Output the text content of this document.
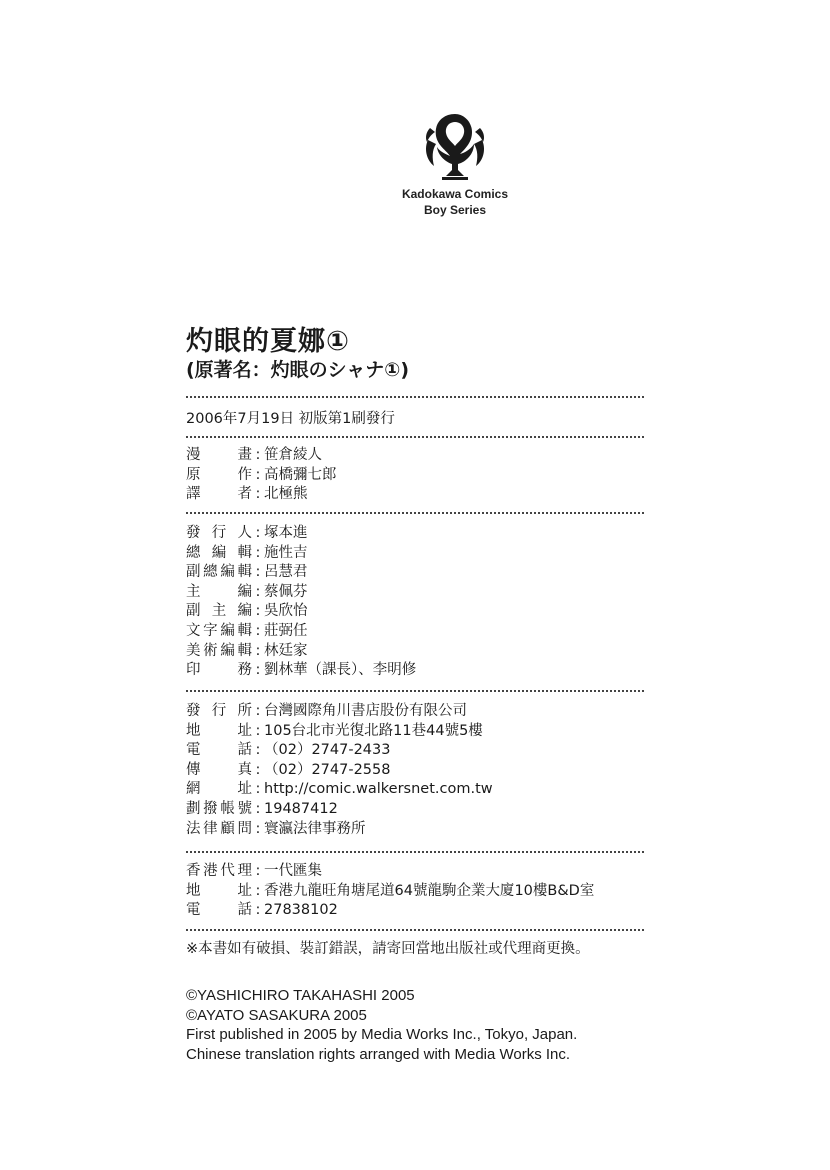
Kadokawa Comics
Boy Series
灼眼的夏娜①
(原著名：灼眼のシャナ①)
2006年7月19日 初版第1刷發行
漫畫 : 笹倉綾人
原作 : 高橋彌七郎
譯者 : 北極熊
發行人 : 塚本進
總編輯 : 施性吉
副總編輯 : 呂慧君
主編 : 蔡佩芬
副主編 : 吳欣怡
文字編輯 : 莊弼任
美術編輯 : 林廷家
印務 : 劉林華（課長）、李明修
發行所 : 台灣國際角川書店股份有限公司
地址 : 105台北市光復北路11巷44號5樓
電話 : （02）2747-2433
傳真 : （02）2747-2558
網址 : http://comic.walkersnet.com.tw
劃撥帳號 : 19487412
法律顧問 : 寰瀛法律事務所
香港代理 : 一代匯集
地址 : 香港九龍旺角塘尾道64號龍駒企業大廈10樓B&D室
電話 : 27838102
※本書如有破損、裝訂錯誤，請寄回當地出版社或代理商更換。
©YASHICHIRO TAKAHASHI 2005
©AYATO SASAKURA 2005
First published in 2005 by Media Works Inc., Tokyo, Japan.
Chinese translation rights arranged with Media Works Inc.
